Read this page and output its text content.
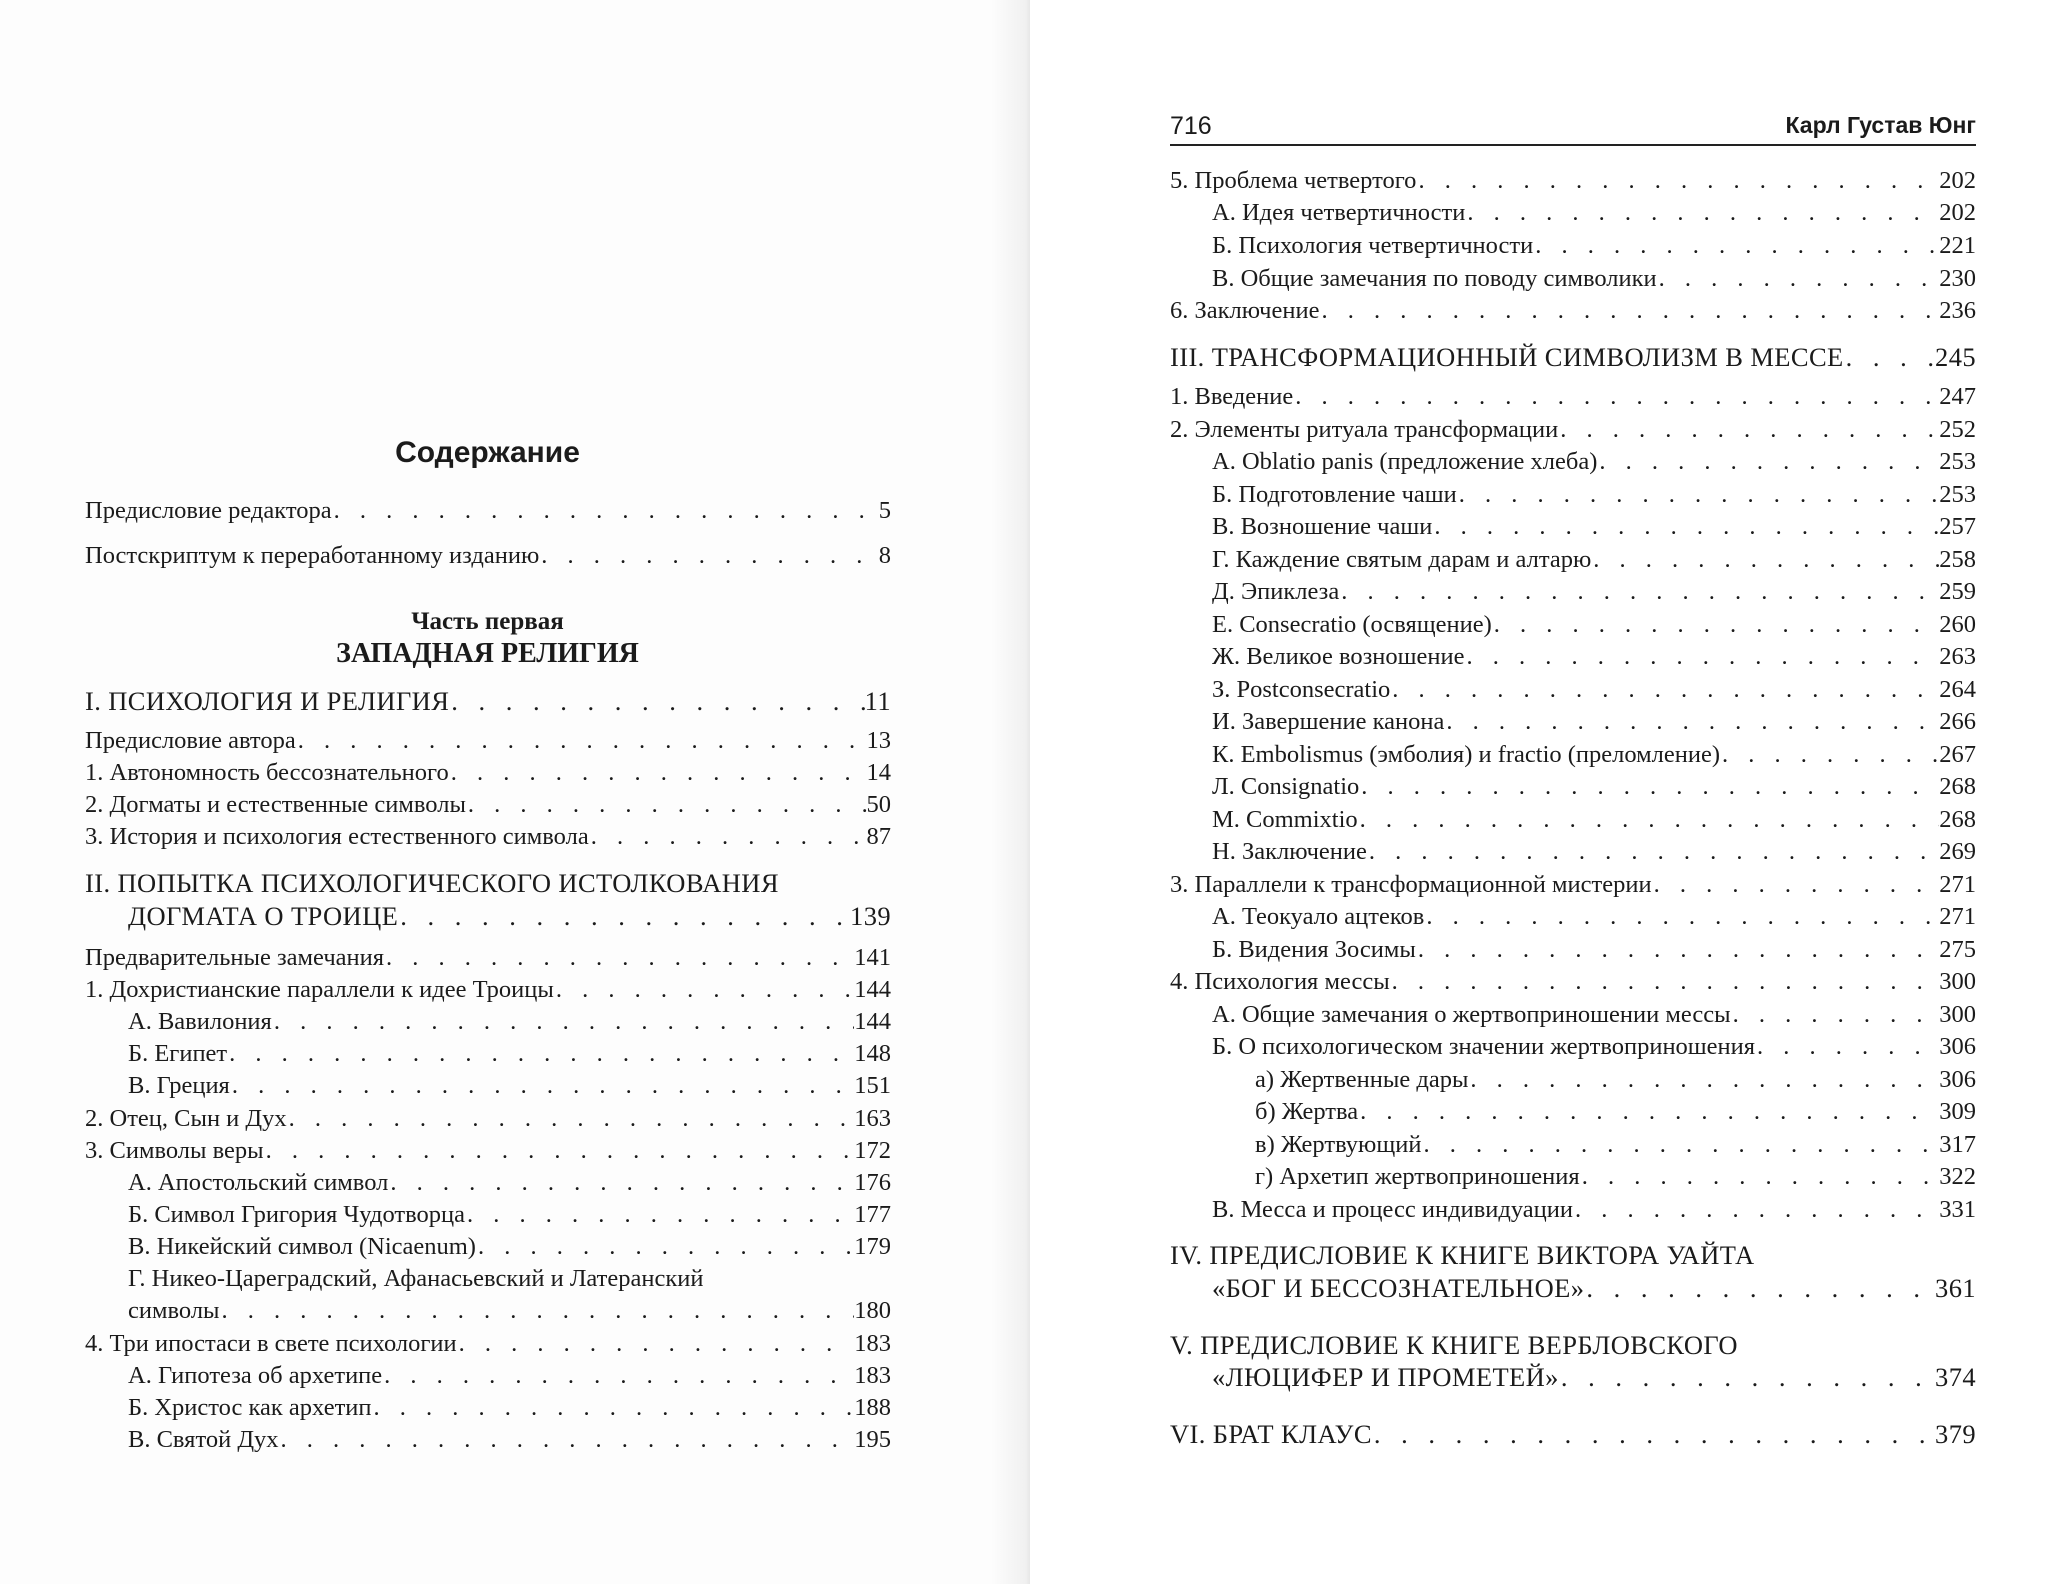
Содержание
Предисловие редактора . . .	5
Постскриптум к переработанному изданию . . .	8
Часть первая
ЗАПАДНАЯ РЕЛИГИЯ
I. ПСИХОЛОГИЯ И РЕЛИГИЯ . . .	11
Предисловие автора . . .	13
1. Автономность бессознательного . . .	14
2. Догматы и естественные символы . . .	50
3. История и психология естественного символа . . .	87
II. ПОПЫТКА ПСИХОЛОГИЧЕСКОГО ИСТОЛКОВАНИЯ
ДОГМАТА О ТРОИЦЕ . . .	139
Предварительные замечания . . .	141
1. Дохристианские параллели к идее Троицы . . .	144
А. Вавилония . . .	144
Б. Египет . . .	148
В. Греция . . .	151
2. Отец, Сын и Дух . . .	163
3. Символы веры . . .	172
А. Апостольский символ . . .	176
Б. Символ Григория Чудотворца . . .	177
В. Никейский символ (Nicaenum) . . .	179
Г. Никео-Цареградский, Афанасьевский и Латеранский
символы . . .	180
4. Три ипостаси в свете психологии . . .	183
А. Гипотеза об архетипе . . .	183
Б. Христос как архетип . . .	188
В. Святой Дух . . .	195
716	Карл Густав Юнг
5. Проблема четвертого . . .	202
А. Идея четвертичности . . .	202
Б. Психология четвертичности . . .	221
В. Общие замечания по поводу символики . . .	230
6. Заключение . . .	236
III. ТРАНСФОРМАЦИОННЫЙ СИМВОЛИЗМ В МЕССЕ . . .	245
1. Введение . . .	247
2. Элементы ритуала трансформации . . .	252
A. Oblatio panis (предложение хлеба) . . .	253
Б. Подготовление чаши . . .	253
В. Возношение чаши . . .	257
Г. Каждение святым дарам и алтарю . . .	258
Д. Эпиклеза . . .	259
Е. Consecratio (освящение) . . .	260
Ж. Великое возношение . . .	263
З. Postconsecratio . . .	264
И. Завершение канона . . .	266
К. Embolismus (эмболия) и fractio (преломление) . . .	267
Л. Consignatio . . .	268
М. Commixtio . . .	268
Н. Заключение . . .	269
3. Параллели к трансформационной мистерии . . .	271
А. Теокуало ацтеков . . .	271
Б. Видения Зосимы . . .	275
4. Психология мессы . . .	300
А. Общие замечания о жертвоприношении мессы . . .	300
Б. О психологическом значении жертвоприношения . . .	306
а) Жертвенные дары . . .	306
б) Жертва . . .	309
в) Жертвующий . . .	317
г) Архетип жертвоприношения . . .	322
В. Месса и процесс индивидуации . . .	331
IV. ПРЕДИСЛОВИЕ К КНИГЕ ВИКТОРА УАЙТА
«БОГ И БЕССОЗНАТЕЛЬНОЕ» . . .	361
V. ПРЕДИСЛОВИЕ К КНИГЕ ВЕРБЛОВСКОГО
«ЛЮЦИФЕР И ПРОМЕТЕЙ» . . .	374
VI. БРАТ КЛАУС . . .	379
